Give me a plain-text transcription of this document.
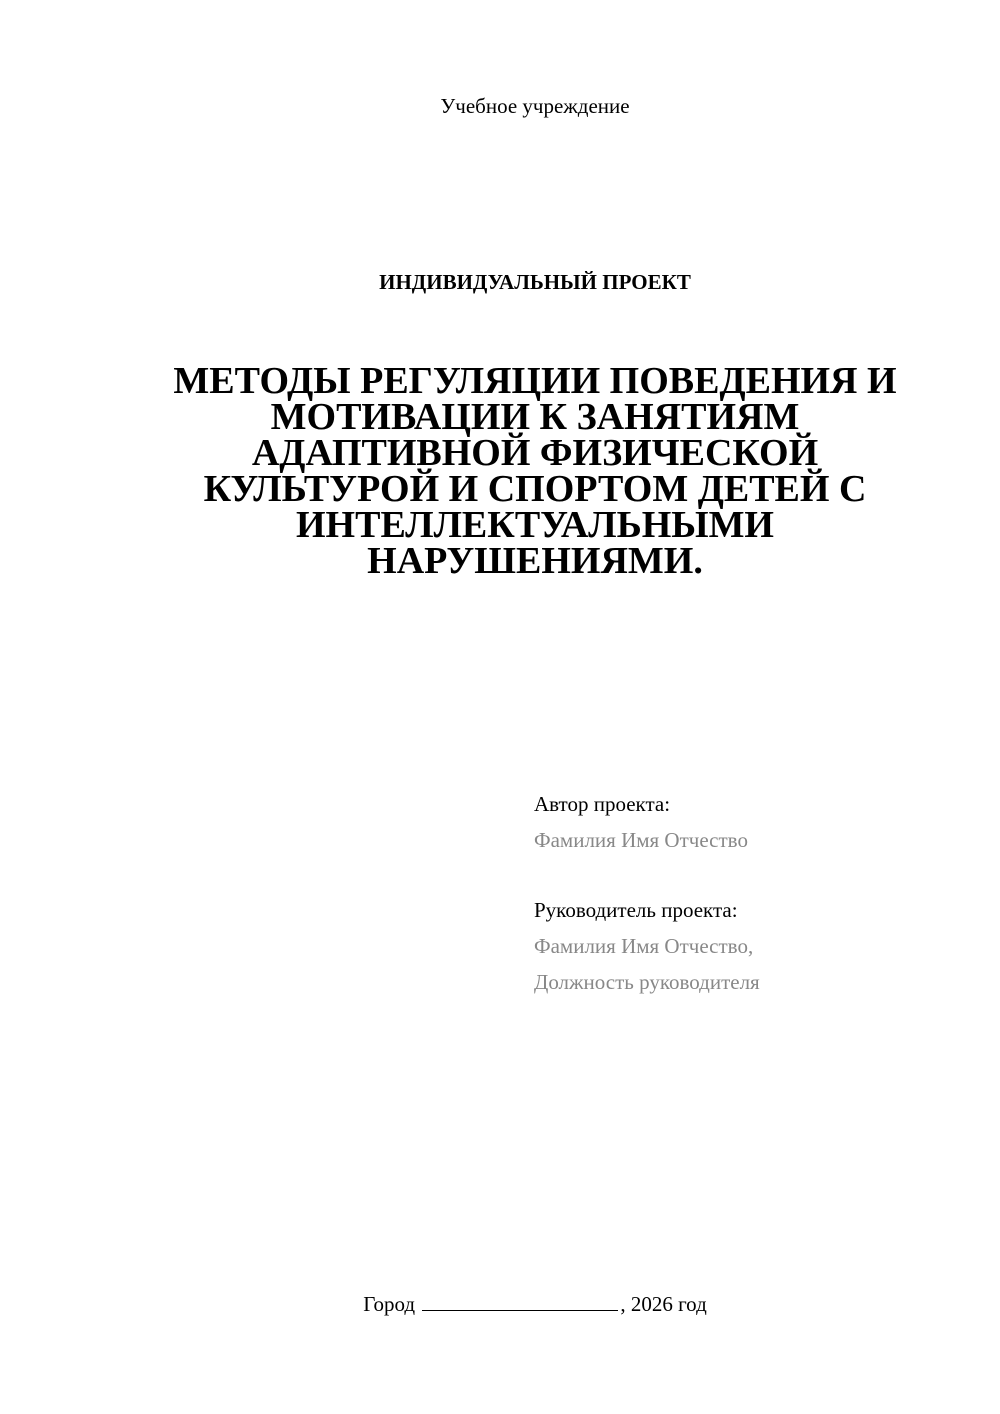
Учебное учреждение
ИНДИВИДУАЛЬНЫЙ ПРОЕКТ
МЕТОДЫ РЕГУЛЯЦИИ ПОВЕДЕНИЯ И
МОТИВАЦИИ К ЗАНЯТИЯМ
АДАПТИВНОЙ ФИЗИЧЕСКОЙ
КУЛЬТУРОЙ И СПОРТОМ ДЕТЕЙ С
ИНТЕЛЛЕКТУАЛЬНЫМИ
НАРУШЕНИЯМИ.
Автор проекта:
Фамилия Имя Отчество
Руководитель проекта:
Фамилия Имя Отчество,
Должность руководителя
Город	, 2026 год
